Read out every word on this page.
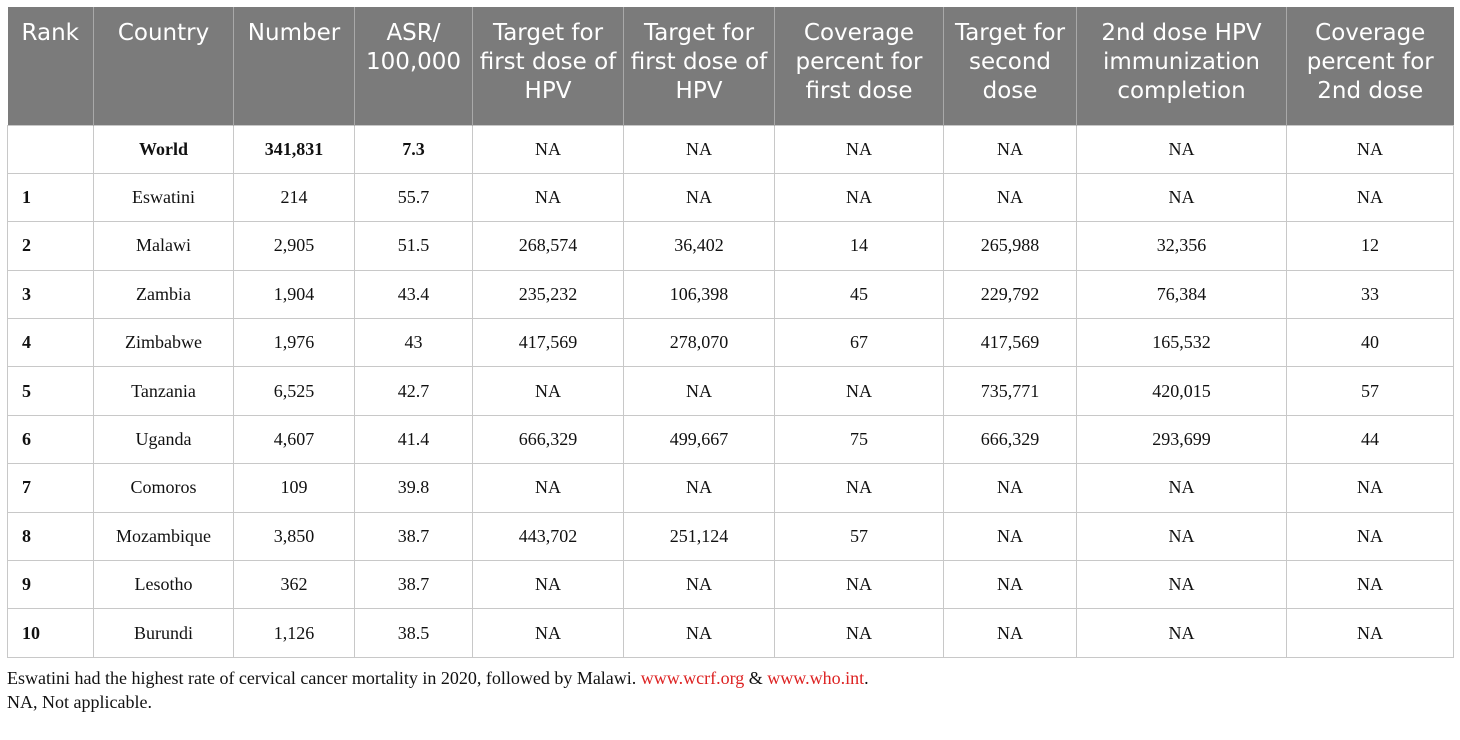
Rank	Country	Number	ASR/ 100,000	Target for first dose of HPV	Target for first dose of HPV	Coverage percent for first dose	Target for second dose	2nd dose HPV immunization completion	Coverage percent for 2nd dose
	World	341,831	7.3	NA	NA	NA	NA	NA	NA
1	Eswatini	214	55.7	NA	NA	NA	NA	NA	NA
2	Malawi	2,905	51.5	268,574	36,402	14	265,988	32,356	12
3	Zambia	1,904	43.4	235,232	106,398	45	229,792	76,384	33
4	Zimbabwe	1,976	43	417,569	278,070	67	417,569	165,532	40
5	Tanzania	6,525	42.7	NA	NA	NA	735,771	420,015	57
6	Uganda	4,607	41.4	666,329	499,667	75	666,329	293,699	44
7	Comoros	109	39.8	NA	NA	NA	NA	NA	NA
8	Mozambique	3,850	38.7	443,702	251,124	57	NA	NA	NA
9	Lesotho	362	38.7	NA	NA	NA	NA	NA	NA
10	Burundi	1,126	38.5	NA	NA	NA	NA	NA	NA
Eswatini had the highest rate of cervical cancer mortality in 2020, followed by Malawi. www.wcrf.org & www.who.int.
NA, Not applicable.
